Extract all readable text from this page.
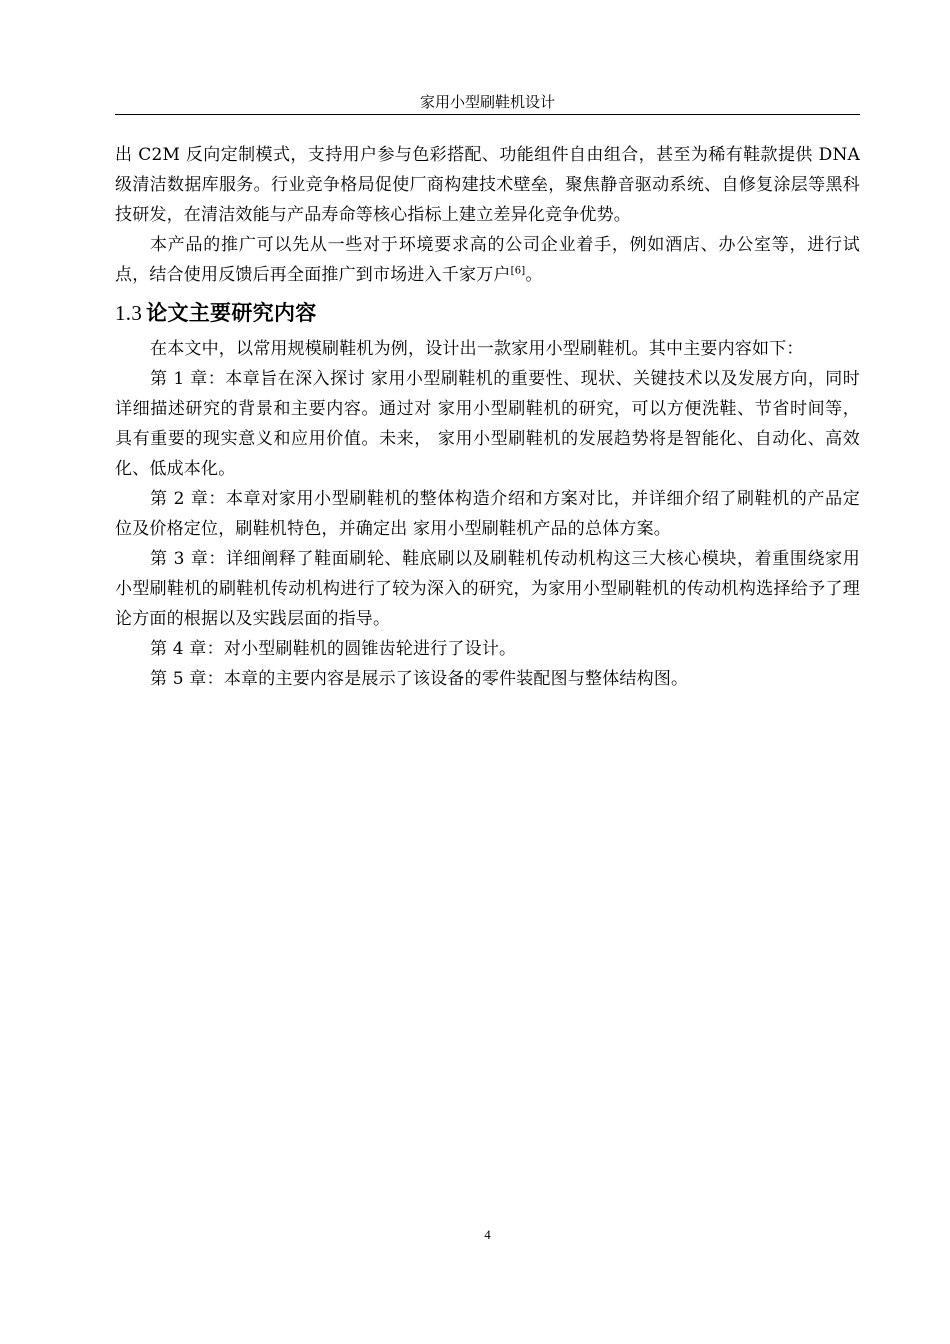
家用小型刷鞋机设计

出 C2M 反向定制模式，支持用户参与色彩搭配、功能组件自由组合，甚至为稀有鞋款提供 DNA 级清洁数据库服务。行业竞争格局促使厂商构建技术壁垒，聚焦静音驱动系统、自修复涂层等黑科技研发，在清洁效能与产品寿命等核心指标上建立差异化竞争优势。

本产品的推广可以先从一些对于环境要求高的公司企业着手，例如酒店、办公室等，进行试点，结合使用反馈后再全面推广到市场进入千家万户[6]。

1.3 论文主要研究内容

在本文中，以常用规模刷鞋机为例，设计出一款家用小型刷鞋机。其中主要内容如下：

第 1 章：本章旨在深入探讨 家用小型刷鞋机的重要性、现状、关键技术以及发展方向，同时详细描述研究的背景和主要内容。通过对 家用小型刷鞋机的研究，可以方便洗鞋、节省时间等，具有重要的现实意义和应用价值。未来， 家用小型刷鞋机的发展趋势将是智能化、自动化、高效化、低成本化。

第 2 章：本章对家用小型刷鞋机的整体构造介绍和方案对比，并详细介绍了刷鞋机的产品定位及价格定位，刷鞋机特色，并确定出 家用小型刷鞋机产品的总体方案。

第 3 章：详细阐释了鞋面刷轮、鞋底刷以及刷鞋机传动机构这三大核心模块，着重围绕家用小型刷鞋机的刷鞋机传动机构进行了较为深入的研究，为家用小型刷鞋机的传动机构选择给予了理论方面的根据以及实践层面的指导。

第 4 章：对小型刷鞋机的圆锥齿轮进行了设计。

第 5 章：本章的主要内容是展示了该设备的零件装配图与整体结构图。

4
